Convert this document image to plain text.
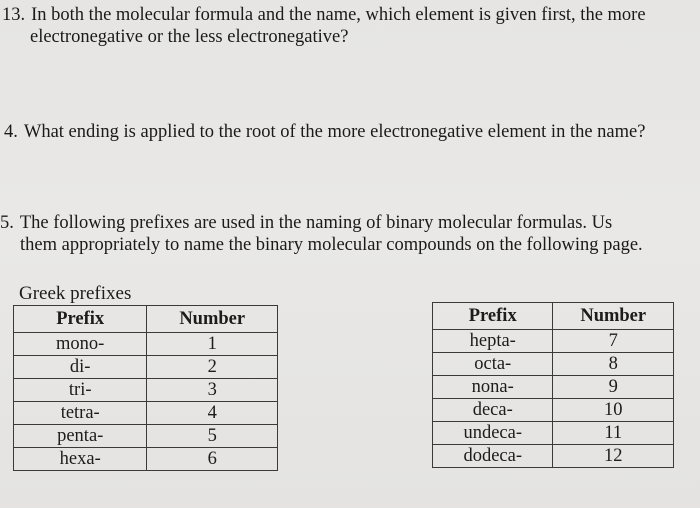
13. In both the molecular formula and the name, which element is given first, the more
electronegative or the less electronegative?
4. What ending is applied to the root of the more electronegative element in the name?
5. The following prefixes are used in the naming of binary molecular formulas. Us
them appropriately to name the binary molecular compounds on the following page.
Greek prefixes
Prefix	Number
mono-	1
di-	2
tri-	3
tetra-	4
penta-	5
hexa-	6
Prefix	Number
hepta-	7
octa-	8
nona-	9
deca-	10
undeca-	11
dodeca-	12
